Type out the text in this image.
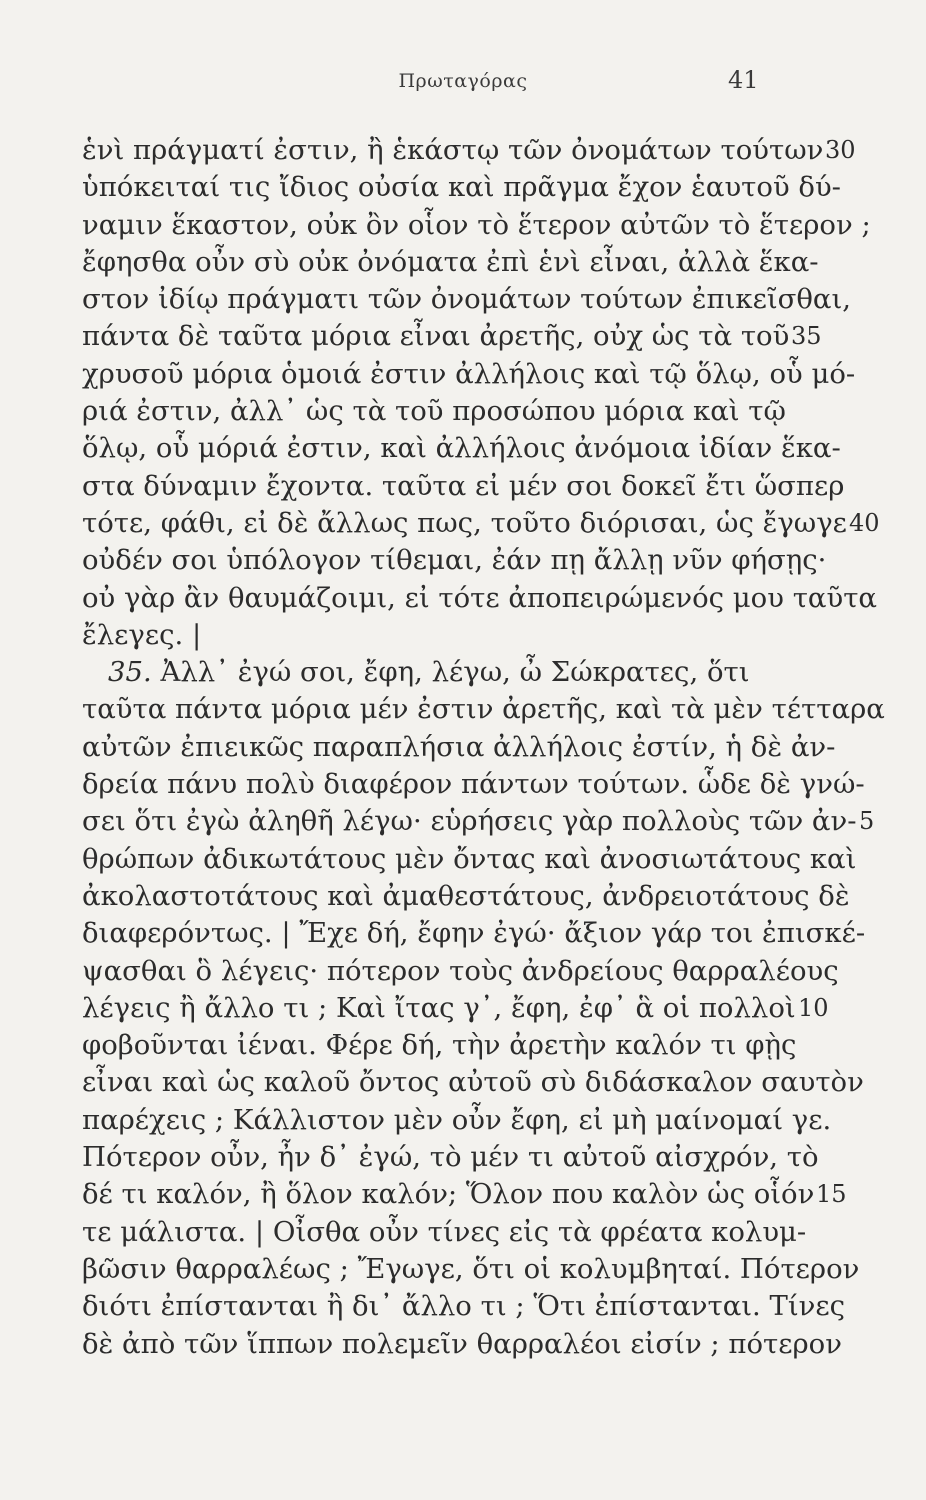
Πρωταγόρας	41
ἑνὶ πράγματί ἐστιν, ἢ ἑκάστῳ τῶν ὀνομάτων τούτων 30
ὑπόκειταί τις ἴδιος οὐσία καὶ πρᾶγμα ἔχον ἑαυτοῦ δύ-
ναμιν ἕκαστον, οὐκ ὂν οἷον τὸ ἕτερον αὐτῶν τὸ ἕτερον ;
ἔφησθα οὖν σὺ οὐκ ὀνόματα ἐπὶ ἑνὶ εἶναι, ἀλλὰ ἕκα-
στον ἰδίῳ πράγματι τῶν ὀνομάτων τούτων ἐπικεῖσθαι,
πάντα δὲ ταῦτα μόρια εἶναι ἀρετῆς, οὐχ ὡς τὰ τοῦ 35
χρυσοῦ μόρια ὁμοιά ἐστιν ἀλλήλοις καὶ τῷ ὅλῳ, οὗ μό-
ριά ἐστιν, ἀλλ᾽ ὡς τὰ τοῦ προσώπου μόρια καὶ τῷ
ὅλῳ, οὗ μόριά ἐστιν, καὶ ἀλλήλοις ἀνόμοια ἰδίαν ἕκα-
στα δύναμιν ἔχοντα. ταῦτα εἰ μέν σοι δοκεῖ ἔτι ὥσπερ
τότε, φάθι, εἰ δὲ ἄλλως πως, τοῦτο διόρισαι, ὡς ἔγωγε 40
οὐδέν σοι ὑπόλογον τίθεμαι, ἐάν πῃ ἄλλῃ νῦν φήσῃς·
οὐ γὰρ ἂν θαυμάζοιμι, εἰ τότε ἀποπειρώμενός μου ταῦτα
ἔλεγες. |
35. Ἀλλ᾽ ἐγώ σοι, ἔφη, λέγω, ὦ Σώκρατες, ὅτι
ταῦτα πάντα μόρια μέν ἐστιν ἀρετῆς, καὶ τὰ μὲν τέτταρα
αὐτῶν ἐπιεικῶς παραπλήσια ἀλλήλοις ἐστίν, ἡ δὲ ἀν-
δρεία πάνυ πολὺ διαφέρον πάντων τούτων. ὧδε δὲ γνώ-
σει ὅτι ἐγὼ ἀληθῆ λέγω· εὑρήσεις γὰρ πολλοὺς τῶν ἀν- 5
θρώπων ἀδικωτάτους μὲν ὄντας καὶ ἀνοσιωτάτους καὶ
ἀκολαστοτάτους καὶ ἀμαθεστάτους, ἀνδρειοτάτους δὲ
διαφερόντως. | Ἔχε δή, ἔφην ἐγώ· ἄξιον γάρ τοι ἐπισκέ-
ψασθαι ὃ λέγεις· πότερον τοὺς ἀνδρείους θαρραλέους
λέγεις ἢ ἄλλο τι ; Καὶ ἴτας γ᾽, ἔφη, ἐφ᾽ ἃ οἱ πολλοὶ 10
φοβοῦνται ἰέναι. Φέρε δή, τὴν ἀρετὴν καλόν τι φῂς
εἶναι καὶ ὡς καλοῦ ὄντος αὐτοῦ σὺ διδάσκαλον σαυτὸν
παρέχεις ; Κάλλιστον μὲν οὖν ἔφη, εἰ μὴ μαίνομαί γε.
Πότερον οὖν, ἦν δ᾽ ἐγώ, τὸ μέν τι αὐτοῦ αἰσχρόν, τὸ
δέ τι καλόν, ἢ ὅλον καλόν; Ὅλον που καλὸν ὡς οἷόν 15
τε μάλιστα. | Οἶσθα οὖν τίνες εἰς τὰ φρέατα κολυμ-
βῶσιν θαρραλέως ; Ἔγωγε, ὅτι οἱ κολυμβηταί. Πότερον
διότι ἐπίστανται ἢ δι᾽ ἄλλο τι ; Ὅτι ἐπίστανται. Τίνες
δὲ ἀπὸ τῶν ἵππων πολεμεῖν θαρραλέοι εἰσίν ; πότερον
